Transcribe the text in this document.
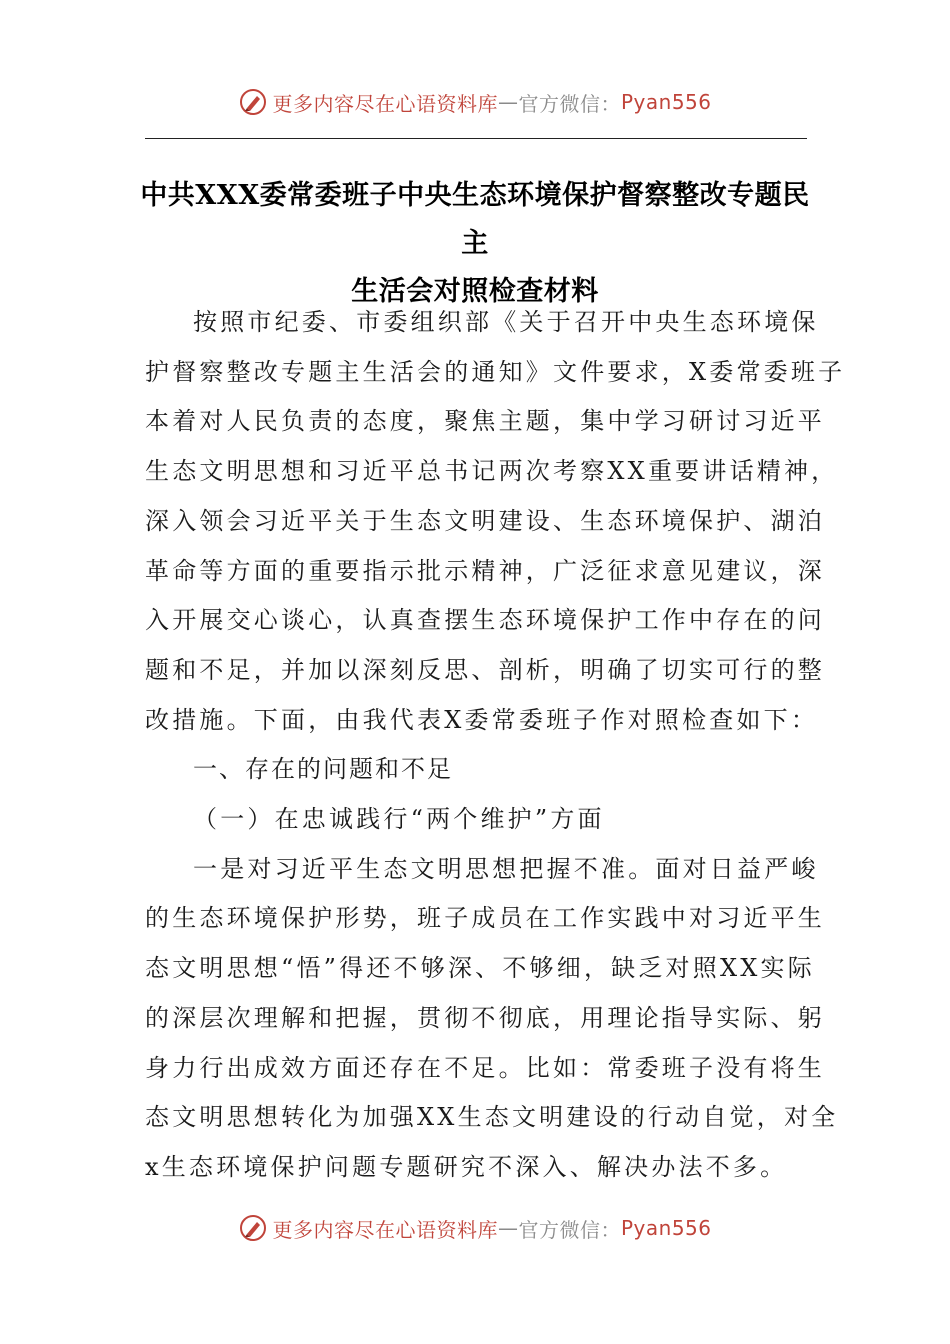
更多内容尽在心语资料库 — 官方微信： Pyan556
中共XXX委常委班子中央生态环境保护督察整改专题民主
生活会对照检查材料
按照市纪委、市委组织部《关于召开中央生态环境保
护督察整改专题主生活会的通知》文件要求，X委常委班子
本着对人民负责的态度，聚焦主题，集中学习研讨习近平
生态文明思想和习近平总书记两次考察XX重要讲话精神，
深入领会习近平关于生态文明建设、生态环境保护、湖泊
革命等方面的重要指示批示精神，广泛征求意见建议，深
入开展交心谈心，认真查摆生态环境保护工作中存在的问
题和不足，并加以深刻反思、剖析，明确了切实可行的整
改措施。下面，由我代表X委常委班子作对照检查如下：
一、存在的问题和不足
（一）在忠诚践行“两个维护”方面
一是对习近平生态文明思想把握不准。面对日益严峻
的生态环境保护形势，班子成员在工作实践中对习近平生
态文明思想“悟”得还不够深、不够细，缺乏对照XX实际
的深层次理解和把握，贯彻不彻底，用理论指导实际、躬
身力行出成效方面还存在不足。比如：常委班子没有将生
态文明思想转化为加强XX生态文明建设的行动自觉，对全
x生态环境保护问题专题研究不深入、解决办法不多。
更多内容尽在心语资料库 — 官方微信： Pyan556
